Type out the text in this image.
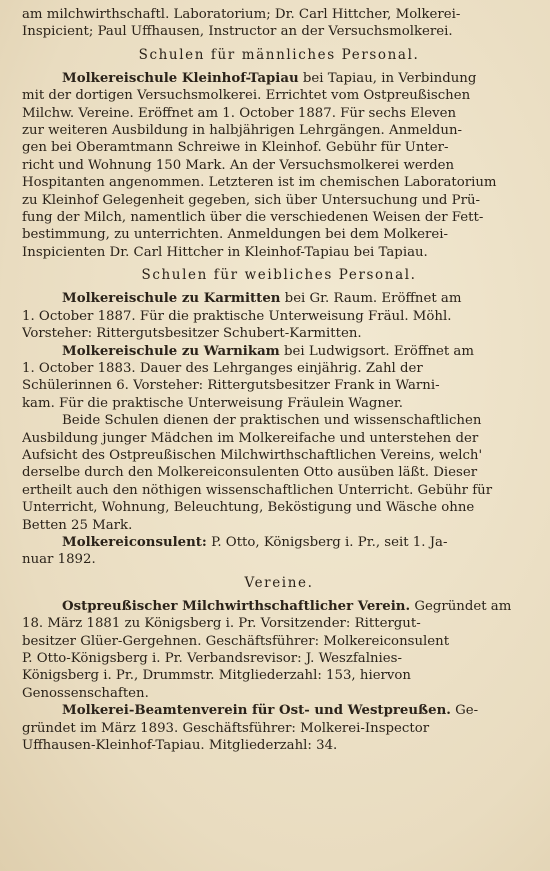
am milchwirthschaftl. Laboratorium; Dr. Carl Hittcher, Molkerei-
Inspicient; Paul Uffhausen, Instructor an der Versuchsmolkerei.
Schulen für männliches Personal.
Molkereischule Kleinhof-Tapiau bei Tapiau, in Verbindung
mit der dortigen Versuchsmolkerei. Errichtet vom Ostpreußischen
Milchw. Vereine. Eröffnet am 1. October 1887. Für sechs Eleven
zur weiteren Ausbildung in halbjährigen Lehrgängen. Anmeldun-
gen bei Oberamtmann Schreiwe in Kleinhof. Gebühr für Unter-
richt und Wohnung 150 Mark. An der Versuchsmolkerei werden
Hospitanten angenommen. Letzteren ist im chemischen Laboratorium
zu Kleinhof Gelegenheit gegeben, sich über Untersuchung und Prü-
fung der Milch, namentlich über die verschiedenen Weisen der Fett-
bestimmung, zu unterrichten. Anmeldungen bei dem Molkerei-
Inspicienten Dr. Carl Hittcher in Kleinhof-Tapiau bei Tapiau.
Schulen für weibliches Personal.
Molkereischule zu Karmitten bei Gr. Raum. Eröffnet am
1. October 1887. Für die praktische Unterweisung Fräul. Möhl.
Vorsteher: Rittergutsbesitzer Schubert-Karmitten.
Molkereischule zu Warnikam bei Ludwigsort. Eröffnet am
1. October 1883. Dauer des Lehrganges einjährig. Zahl der
Schülerinnen 6. Vorsteher: Rittergutsbesitzer Frank in Warni-
kam. Für die praktische Unterweisung Fräulein Wagner.
Beide Schulen dienen der praktischen und wissenschaftlichen
Ausbildung junger Mädchen im Molkereifache und unterstehen der
Aufsicht des Ostpreußischen Milchwirthschaftlichen Vereins, welch'
derselbe durch den Molkereiconsulenten Otto ausüben läßt. Dieser
ertheilt auch den nöthigen wissenschaftlichen Unterricht. Gebühr für
Unterricht, Wohnung, Beleuchtung, Beköstigung und Wäsche ohne
Betten 25 Mark.
Molkereiconsulent: P. Otto, Königsberg i. Pr., seit 1. Ja-
nuar 1892.
Vereine.
Ostpreußischer Milchwirthschaftlicher Verein. Gegründet am
18. März 1881 zu Königsberg i. Pr. Vorsitzender: Rittergut-
besitzer Glüer-Gergehnen. Geschäftsführer: Molkereiconsulent
P. Otto-Königsberg i. Pr. Verbandsrevisor: J. Weszfalnies-
Königsberg i. Pr., Drummstr. Mitgliederzahl: 153, hiervon
Genossenschaften.
Molkerei-Beamtenverein für Ost- und Westpreußen. Ge-
gründet im März 1893. Geschäftsführer: Molkerei-Inspector
Uffhausen-Kleinhof-Tapiau. Mitgliederzahl: 34.
